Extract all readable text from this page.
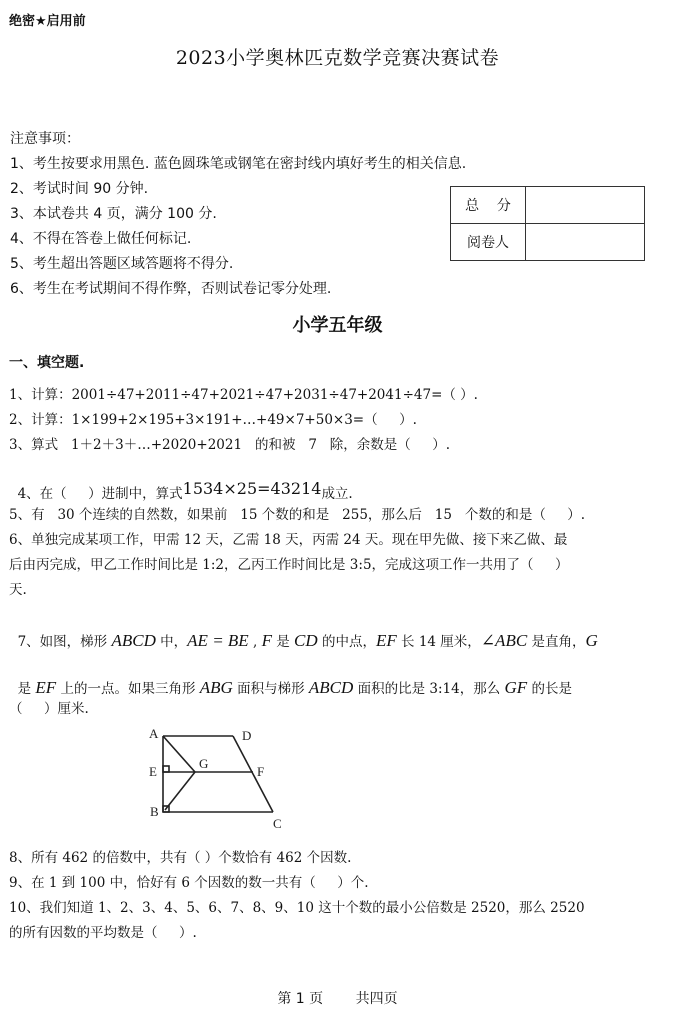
绝密★启用前
2023小学奥林匹克数学竞赛决赛试卷
注意事项：
1、考生按要求用黑色. 蓝色圆珠笔或钢笔在密封线内填好考生的相关信息.
2、考试时间 90 分钟.
3、本试卷共 4 页，满分 100 分.
4、不得在答卷上做任何标记.
5、考生超出答题区域答题将不得分.
6、考生在考试期间不得作弊，否则试卷记零分处理.
总    分	
阅卷人	
小学五年级
一、填空题.
1、计算：2001÷47+2011÷47+2021÷47+2031÷47+2041÷47=（ ）.
2、计算：1×199+2×195+3×191+…+49×7+50×3=（     ）.
3、算式   1＋2＋3＋…+2020+2021   的和被   7   除，余数是（     ）.

4、在（     ）进制中，算式1534×25=43214成立.

5、有   30 个连续的自然数，如果前   15 个数的和是   255，那么后   15   个数的和是（     ）.
6、单独完成某项工作，甲需 12 天，乙需 18 天，丙需 24 天。现在甲先做、接下来乙做、最
后由丙完成，甲乙工作时间比是 1:2，乙丙工作时间比是 3:5，完成这项工作一共用了（     ）
天.

7、如图，梯形 ABCD 中，AE = BE , F 是 CD 的中点，EF 长 14 厘米，∠ABC 是直角，G

是 EF 上的一点。如果三角形 ABG 面积与梯形 ABCD 面积的比是 3:14，那么 GF 的长是

（     ）厘米.
A	D
E
G
F
B
C
8、所有 462 的倍数中，共有（ ）个数恰有 462 个因数.
9、在 1 到 100 中，恰好有 6 个因数的数一共有（     ）个.
10、我们知道 1、2、3、4、5、6、7、8、9、10 这十个数的最小公倍数是 2520，那么 2520
的所有因数的平均数是（     ）.
第 1 页 共四页
